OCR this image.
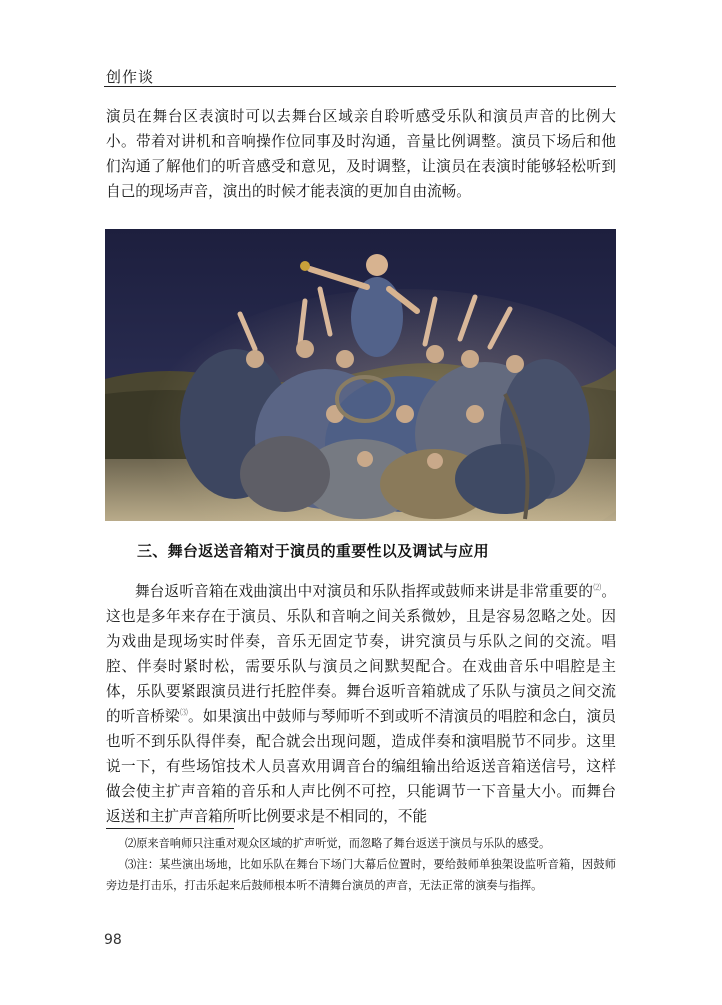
创作谈

演员在舞台区表演时可以去舞台区域亲自聆听感受乐队和演员声音的比例大小。带着对讲机和音响操作位同事及时沟通，音量比例调整。演员下场后和他们沟通了解他们的听音感受和意见，及时调整，让演员在表演时能够轻松听到自己的现场声音，演出的时候才能表演的更加自由流畅。

三、舞台返送音箱对于演员的重要性以及调试与应用

舞台返听音箱在戏曲演出中对演员和乐队指挥或鼓师来讲是非常重要的⑵。这也是多年来存在于演员、乐队和音响之间关系微妙，且是容易忽略之处。因为戏曲是现场实时伴奏，音乐无固定节奏，讲究演员与乐队之间的交流。唱腔、伴奏时紧时松，需要乐队与演员之间默契配合。在戏曲音乐中唱腔是主体，乐队要紧跟演员进行托腔伴奏。舞台返听音箱就成了乐队与演员之间交流的听音桥梁⑶。如果演出中鼓师与琴师听不到或听不清演员的唱腔和念白，演员也听不到乐队得伴奏，配合就会出现问题，造成伴奏和演唱脱节不同步。这里说一下，有些场馆技术人员喜欢用调音台的编组输出给返送音箱送信号，这样做会使主扩声音箱的音乐和人声比例不可控，只能调节一下音量大小。而舞台返送和主扩声音箱所听比例要求是不相同的，不能

⑵原来音响师只注重对观众区域的扩声听觉，而忽略了舞台返送于演员与乐队的感受。

⑶注：某些演出场地，比如乐队在舞台下场门大幕后位置时，要给鼓师单独架设监听音箱，因鼓师旁边是打击乐，打击乐起来后鼓师根本听不清舞台演员的声音，无法正常的演奏与指挥。

98
